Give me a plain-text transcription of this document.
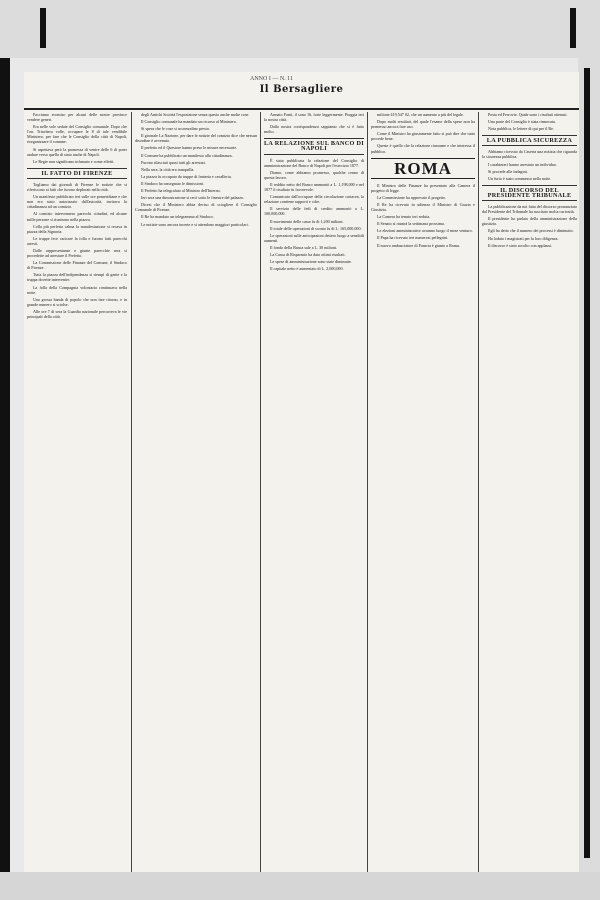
ANNO I — N. 11
Il Bersagliere

Facciamo ecomiso per alcuni delle nostre province vendere generi.

Era nelle sole sedute del Consiglio comunale. Dopo che l'on. Trinchera volle, occupare le 8 di tale vendibile Ministero, per fare che le Consiglio della città di Napoli, riorganizzare il comune.

Si aspettava però la promessa di venire delle 6 di poter andare verso quella di stato anche di Napoli.

Le Regie non significano infamato e come effetti.

IL FATTO DI FIRENZE

Togliamo dai giornali di Firenze le notizie che si riferiscono ai fatti che furono deplorati nella città.

Un manifesto pubblicato ieri sulle ore pomeridiane e che non era stato autorizzato dall'autorità, invitava la cittadinanza ad un comizio.

Al comizio intervennero parecchi cittadini, ed alcune mille persone si riunirono nella piazza.

Colla più perfetta calma la manifestazione si recava in piazza della Signoria.

Le truppe fece caricare la folla e furono fatti parecchi arresti.

Dalle rappresentanze e giunte parecchie sera si procedette ad arrestare il Prefetto.

La Commissione delle Finanze del Comune, il Sindaco di Firenze.

Tutta la piazza dell'indipendenza si riempì di gente e la truppa dovette intervenire.

La folla della Compagnia volontaria continuava nella notte.

Una grossa banda di popolo che non fare ritorno, e in grande numero si sciolse.

Alle ore 7 di sera la Guardia nazionale percorreva le vie principali della città.

degli Antichi Società l'esposizione senza questo anche molte cose.

Il Consiglio comunale ha mandato un ricorso al Ministero.

Si spera che le cose si accomodino presto.

Il giornale La Nazione, per dare le notizie del comizio dice che nessun disordine è avvenuto.

Il prefetto ed il Questore hanno preso le misure necessarie.

Il Comune ha pubblicato un manifesto alla cittadinanza.

Furono rilasciati quasi tutti gli arrestati.

Nella sera, la città era tranquilla.

La piazza fu occupata da truppe di fanteria e cavalleria.

Il Sindaco ha rassegnato le dimissioni.

Il Prefetto ha telegrafato al Ministro dell'Interno.

Ieri sera una dimostrazione si recò sotto le finestre del palazzo.

Dicesi che il Ministero abbia deciso di sciogliere il Consiglio Comunale di Firenze.

Il Re ha mandato un telegramma al Sindaco.

Le notizie sono ancora incerte e si attendono maggiori particolari.

Armato Fonti, il sono 16, forte leggermente. Pioggia ieri la nostra città.

Dalla nostra corrispondenza sappiamo che si è fatto molto.

LA RELAZIONE SUL BANCO DI NAPOLI

È stata pubblicata la relazione del Consiglio di amministrazione del Banco di Napoli per l'esercizio 1877.

Diamo, come abbiamo promesso, qualche cenno di questa lavoro.

Il reddito netto del Banco ammontò a L. 1,198,000 e nel 1877 il risultato fu favorevole.

Comunicato dall'occupare della circolazione cartacea, la relazione contiene rapporti e cifre.

Il servizio delle fedi di credito ammontò a L. 100,000,000.

Il movimento delle casse fu di 1,200 milioni.

Il totale delle operazioni di sconto fu di L. 165,000,000.

Le operazioni sulle anticipazioni dettero luogo a sensibili aumenti.

Il fondo della Banca sale a L. 30 milioni.

La Cassa di Risparmio ha dato ottimi risultati.

Le spese di amministrazione sono state diminuite.

Il capitale netto è aumentato di L. 2,000,000.

milione 419,547 02, che un aumento a più del legale.

Dopo molti resultati, del quale l'esame della spese non ha permesso ancora fare uso.

Come il Ministro ha giustamente fatto si può dire che tutto procede bene.

Queste è quello che la relazione riassume e che interessa il pubblico.

ROMA

Il Ministro delle Finanze ha presentato alla Camera il progetto di legge.

La Commissione ha approvato il progetto.

Il Re ha ricevuto in udienza il Ministro di Grazia e Giustizia.

La Camera ha tenuto ieri seduta.

Il Senato si riunirà la settimana prossima.

Le elezioni amministrative avranno luogo il mese venturo.

Il Papa ha ricevuto ieri numerosi pellegrini.

Il nuovo ambasciatore di Francia è giunto a Roma.

Posta ed Ferrovie. Quale sono i risultati ottenuti.

Una parte del Consiglio è stata rinnovata.

Nota pubblica, le lettere di qui per il Re.

LA PUBBLICA SICUREZZA

Abbiamo ricevuto da Caserta una notizia che riguarda la sicurezza pubblica.

I carabinieri hanno arrestato un individuo.

Si procede alle indagini.

Un furto è stato commesso nella notte.

IL DISCORSO DEL PRESIDENTE TRIBUNALE

La pubblicazione da noi fatta del discorso pronunziato dal Presidente del Tribunale ha suscitato molta curiosità.

Il presidente ha parlato della amministrazione della giustizia.

Egli ha detto che il numero dei processi è diminuito.

Ha lodato i magistrati per la loro diligenza.

Il discorso è stato accolto con applausi.
